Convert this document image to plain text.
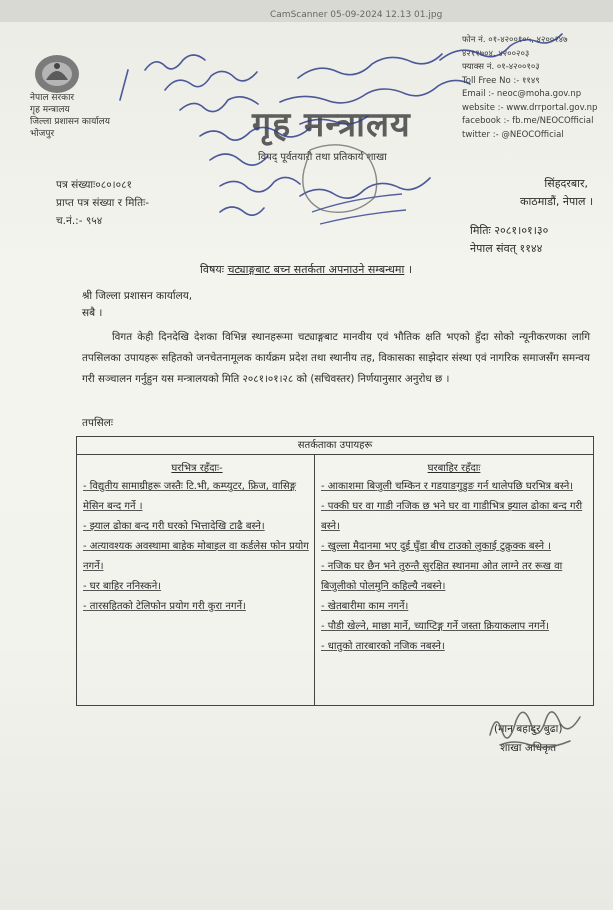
CamScanner 05-09-2024 12.13 01.jpg
नेपाल सरकार
गृह मन्त्रालय
जिल्ला प्रशासन कार्यालय
भोजपुर	गृह मन्त्रालय
विपद् पूर्वतयारी तथा प्रतिकार्य शाखा
फोन नं. ०१-४२००१०५, ४२००२४७
४२११७०४, ४२००२०३
फ्याक्स नं. ०१-४२००१०३
Toll Free No :- ११४९
Email :- neoc@moha.gov.np
website :- www.drrportal.gov.np
facebook :- fb.me/NEOCOfficial
twitter :- @NEOCOfficial
पत्र संख्याः०८०।०८१
प्राप्त पत्र संख्या र मितिः-
च.नं.:- ९५४
सिंहदरबार,
काठमाडौं, नेपाल ।
मितिः २०८१।०१।३०
नेपाल संवत् ११४४
विषयः चट्याङ्गबाट बच्न सतर्कता अपनाउने सम्बन्धमा ।
श्री जिल्ला प्रशासन कार्यालय,
सबै ।
विगत केही दिनदेखि देशका विभिन्न स्थानहरूमा चट्याङ्गबाट मानवीय एवं भौतिक क्षति भएको हुँदा सोको न्यूनीकरणका लागि तपसिलका उपायहरू सहितको जनचेतनामूलक कार्यक्रम प्रदेश तथा स्थानीय तह, विकासका साझेदार संस्था एवं नागरिक समाजसँग समन्वय गरी सञ्चालन गर्नुहुन यस मन्त्रालयको मिति २०८१।०१।२८ को (सचिवस्तर) निर्णयानुसार अनुरोध छ ।
तपसिलः
सतर्कताका उपायहरू
घरभित्र रहँदाः-
- विद्युतीय सामाग्रीहरू जस्तैः टि.भी, कम्प्युटर, फ्रिज, वासिङ्ग मेसिन बन्द गर्ने ।
- झ्याल ढोका बन्द गरी घरको भित्तादेखि टाढै बस्ने।
- अत्यावश्यक अवस्थामा बाहेक मोबाइल वा कर्डलेस फोन प्रयोग नगर्ने।
- घर बाहिर ननिस्कने।
- तारसहितको टेलिफोन प्रयोग गरी कुरा नगर्ने।
घरबाहिर रहँदाः
- आकाशमा बिजुली चम्किन र गडयाङगुडुङ गर्न थालेपछि घरभित्र बस्ने।
- पक्की घर वा गाडी नजिक छ भने घर वा गाडीभित्र झ्याल ढोका बन्द गरी बस्ने।
- खुल्ला मैदानमा भए दुई घुँडा बीच टाउको लुकाई टुक्रुक्क बस्ने ।
- नजिक घर छैन भने तुरुन्तै सुरक्षित स्थानमा ओत लाग्ने तर रूख वा बिजुलीको पोलमुनि कहिल्यै नबस्ने।
- खेतबारीमा काम नगर्ने।
- पौडी खेल्ने, माछा मार्ने, च्याप्टिङ्ग गर्ने जस्ता क्रियाकलाप नगर्ने।
- धातुको तारबारको नजिक नबस्ने।
(मान बहादुर बुढा)
शाखा अधिकृत
